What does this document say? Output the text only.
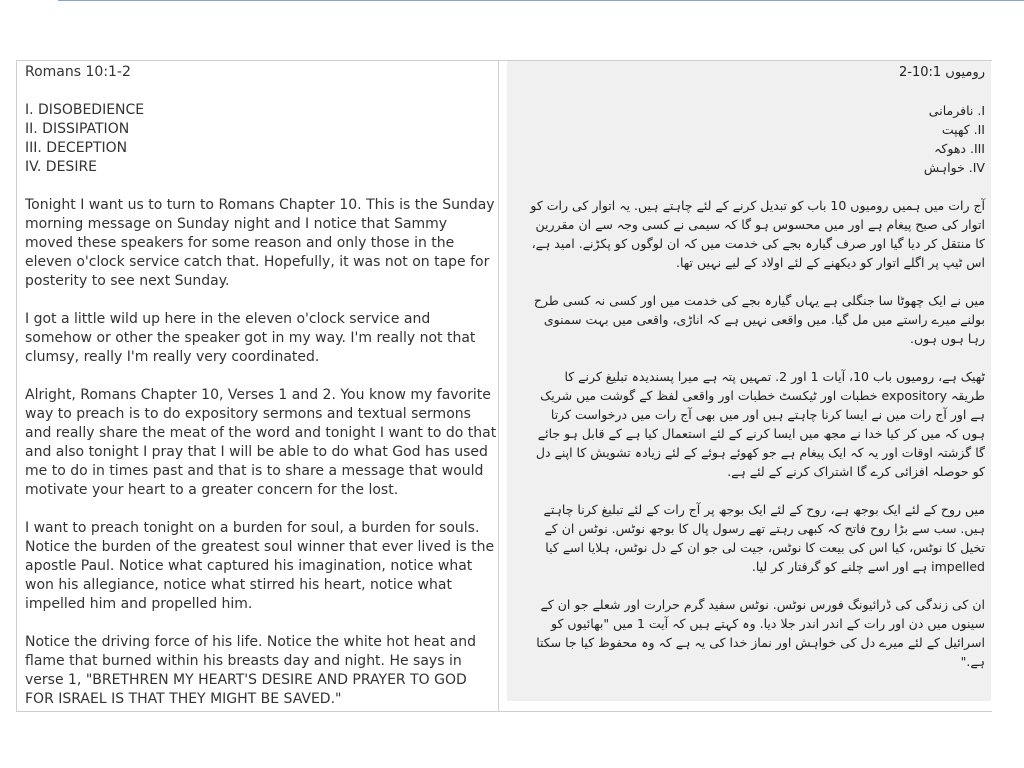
Romans 10:1-2

I. DISOBEDIENCE
II. DISSIPATION
III. DECEPTION
IV. DESIRE

Tonight I want us to turn to Romans Chapter 10. This is the Sunday morning message on Sunday night and I notice that Sammy moved these speakers for some reason and only those in the eleven o'clock service catch that. Hopefully, it was not on tape for posterity to see next Sunday.

I got a little wild up here in the eleven o'clock service and somehow or other the speaker got in my way. I'm really not that clumsy, really I'm really very coordinated.

Alright, Romans Chapter 10, Verses 1 and 2. You know my favorite way to preach is to do expository sermons and textual sermons and really share the meat of the word and tonight I want to do that and also tonight I pray that I will be able to do what God has used me to do in times past and that is to share a message that would motivate your heart to a greater concern for the lost.

I want to preach tonight on a burden for soul, a burden for souls. Notice the burden of the greatest soul winner that ever lived is the apostle Paul. Notice what captured his imagination, notice what won his allegiance, notice what stirred his heart, notice what impelled him and propelled him.

Notice the driving force of his life. Notice the white hot heat and flame that burned within his breasts day and night. He says in verse 1, "BRETHREN MY HEART'S DESIRE AND PRAYER TO GOD FOR ISRAEL IS THAT THEY MIGHT BE SAVED."

رومیوں 10:1-2

I. نافرمانی
II. کھپت
III. دھوکہ
IV. خواہش

آج رات میں ہمیں رومیوں 10 باب کو تبدیل کرنے کے لئے چاہتے ہیں. یہ اتوار کی رات کو اتوار کی صبح پیغام ہے اور میں محسوس ہو گا کہ سیمی نے کسی وجہ سے ان مقررین کا منتقل کر دیا گیا اور صرف گیارہ بجے کی خدمت میں کہ ان لوگوں کو پکڑنے. امید ہے، اس ٹیپ پر اگلے اتوار کو دیکھنے کے لئے اولاد کے لیے نہیں تھا.

میں نے ایک چھوٹا سا جنگلی ہے یہاں گیارہ بجے کی خدمت میں اور کسی نہ کسی طرح بولنے میرے راستے میں مل گیا. میں واقعی نہیں ہے کہ اناڑی، واقعی میں بہت سمنوی رہا ہوں ہوں.

ٹھیک ہے، رومیوں باب 10، آیات 1 اور 2. تمہیں پتہ ہے میرا پسندیدہ تبلیغ کرنے کا طریقہ expository خطبات اور ٹیکسٹ خطبات اور واقعی لفظ کے گوشت میں شریک ہے اور آج رات میں نے ایسا کرنا چاہتے ہیں اور میں بھی آج رات میں درخواست کرتا ہوں کہ میں کر کیا خدا نے مجھ میں ایسا کرنے کے لئے استعمال کیا ہے کے قابل ہو جائے گا گزشتہ اوقات اور یہ کہ ایک پیغام ہے جو کھوئے ہوئے کے لئے زیادہ تشویش کا اپنے دل کو حوصلہ افزائی کرے گا اشتراک کرنے کے لئے ہے.

میں روح کے لئے ایک بوجھ ہے، روح کے لئے ایک بوجھ پر آج رات کے لئے تبلیغ کرنا چاہتے ہیں. سب سے بڑا روح فاتح کہ کبھی رہتے تھے رسول پال کا بوجھ نوٹس. نوٹس ان کے تخیل کا نوٹس، کیا اس کی بیعت کا نوٹس، جیت لی جو ان کے دل نوٹس، ہلایا اسے کیا impelled ہے اور اسے چلنے کو گرفتار کر لیا.

ان کی زندگی کی ڈرائیونگ فورس نوٹس. نوٹس سفید گرم حرارت اور شعلے جو ان کے سینوں میں دن اور رات کے اندر اندر جلا دیا. وہ کہتے ہیں کہ آیت 1 میں "بھائیوں کو اسرائیل کے لئے میرے دل کی خواہش اور نماز خدا کی یہ ہے کہ وہ محفوظ کیا جا سکتا ہے."
